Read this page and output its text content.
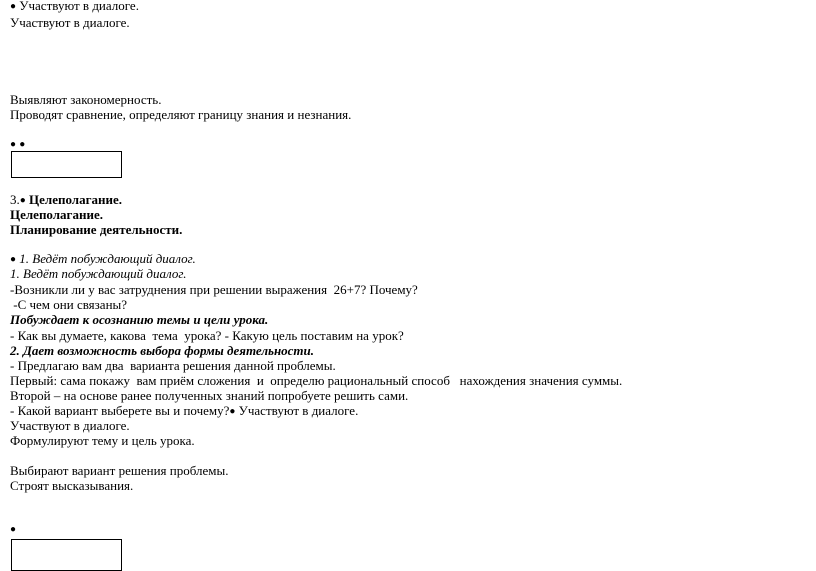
● Участвуют в диалоге.
Участвуют в диалоге.
Выявляют закономерность.
Проводят сравнение, определяют границу знания и незнания.
● ●
3.● Целеполагание.
Целеполагание.
Планирование деятельности.
● 1. Ведёт побуждающий диалог.
1. Ведёт побуждающий диалог.
-Возникли ли у вас затруднения при решении выражения  26+7? Почему?
-С чем они связаны?
Побуждает к осознанию темы и цели урока.
- Как вы думаете, какова  тема  урока? - Какую цель поставим на урок?
2. Дает возможность выбора формы деятельности.
- Предлагаю вам два  варианта решения данной проблемы.
Первый: сама покажу  вам приём сложения  и  определю рациональный способ   нахождения значения суммы.
Второй – на основе ранее полученных знаний попробуете решить сами.
- Какой вариант выберете вы и почему?● Участвуют в диалоге.
Участвуют в диалоге.
Формулируют тему и цель урока.
Выбирают вариант решения проблемы.
Строят высказывания.
●
